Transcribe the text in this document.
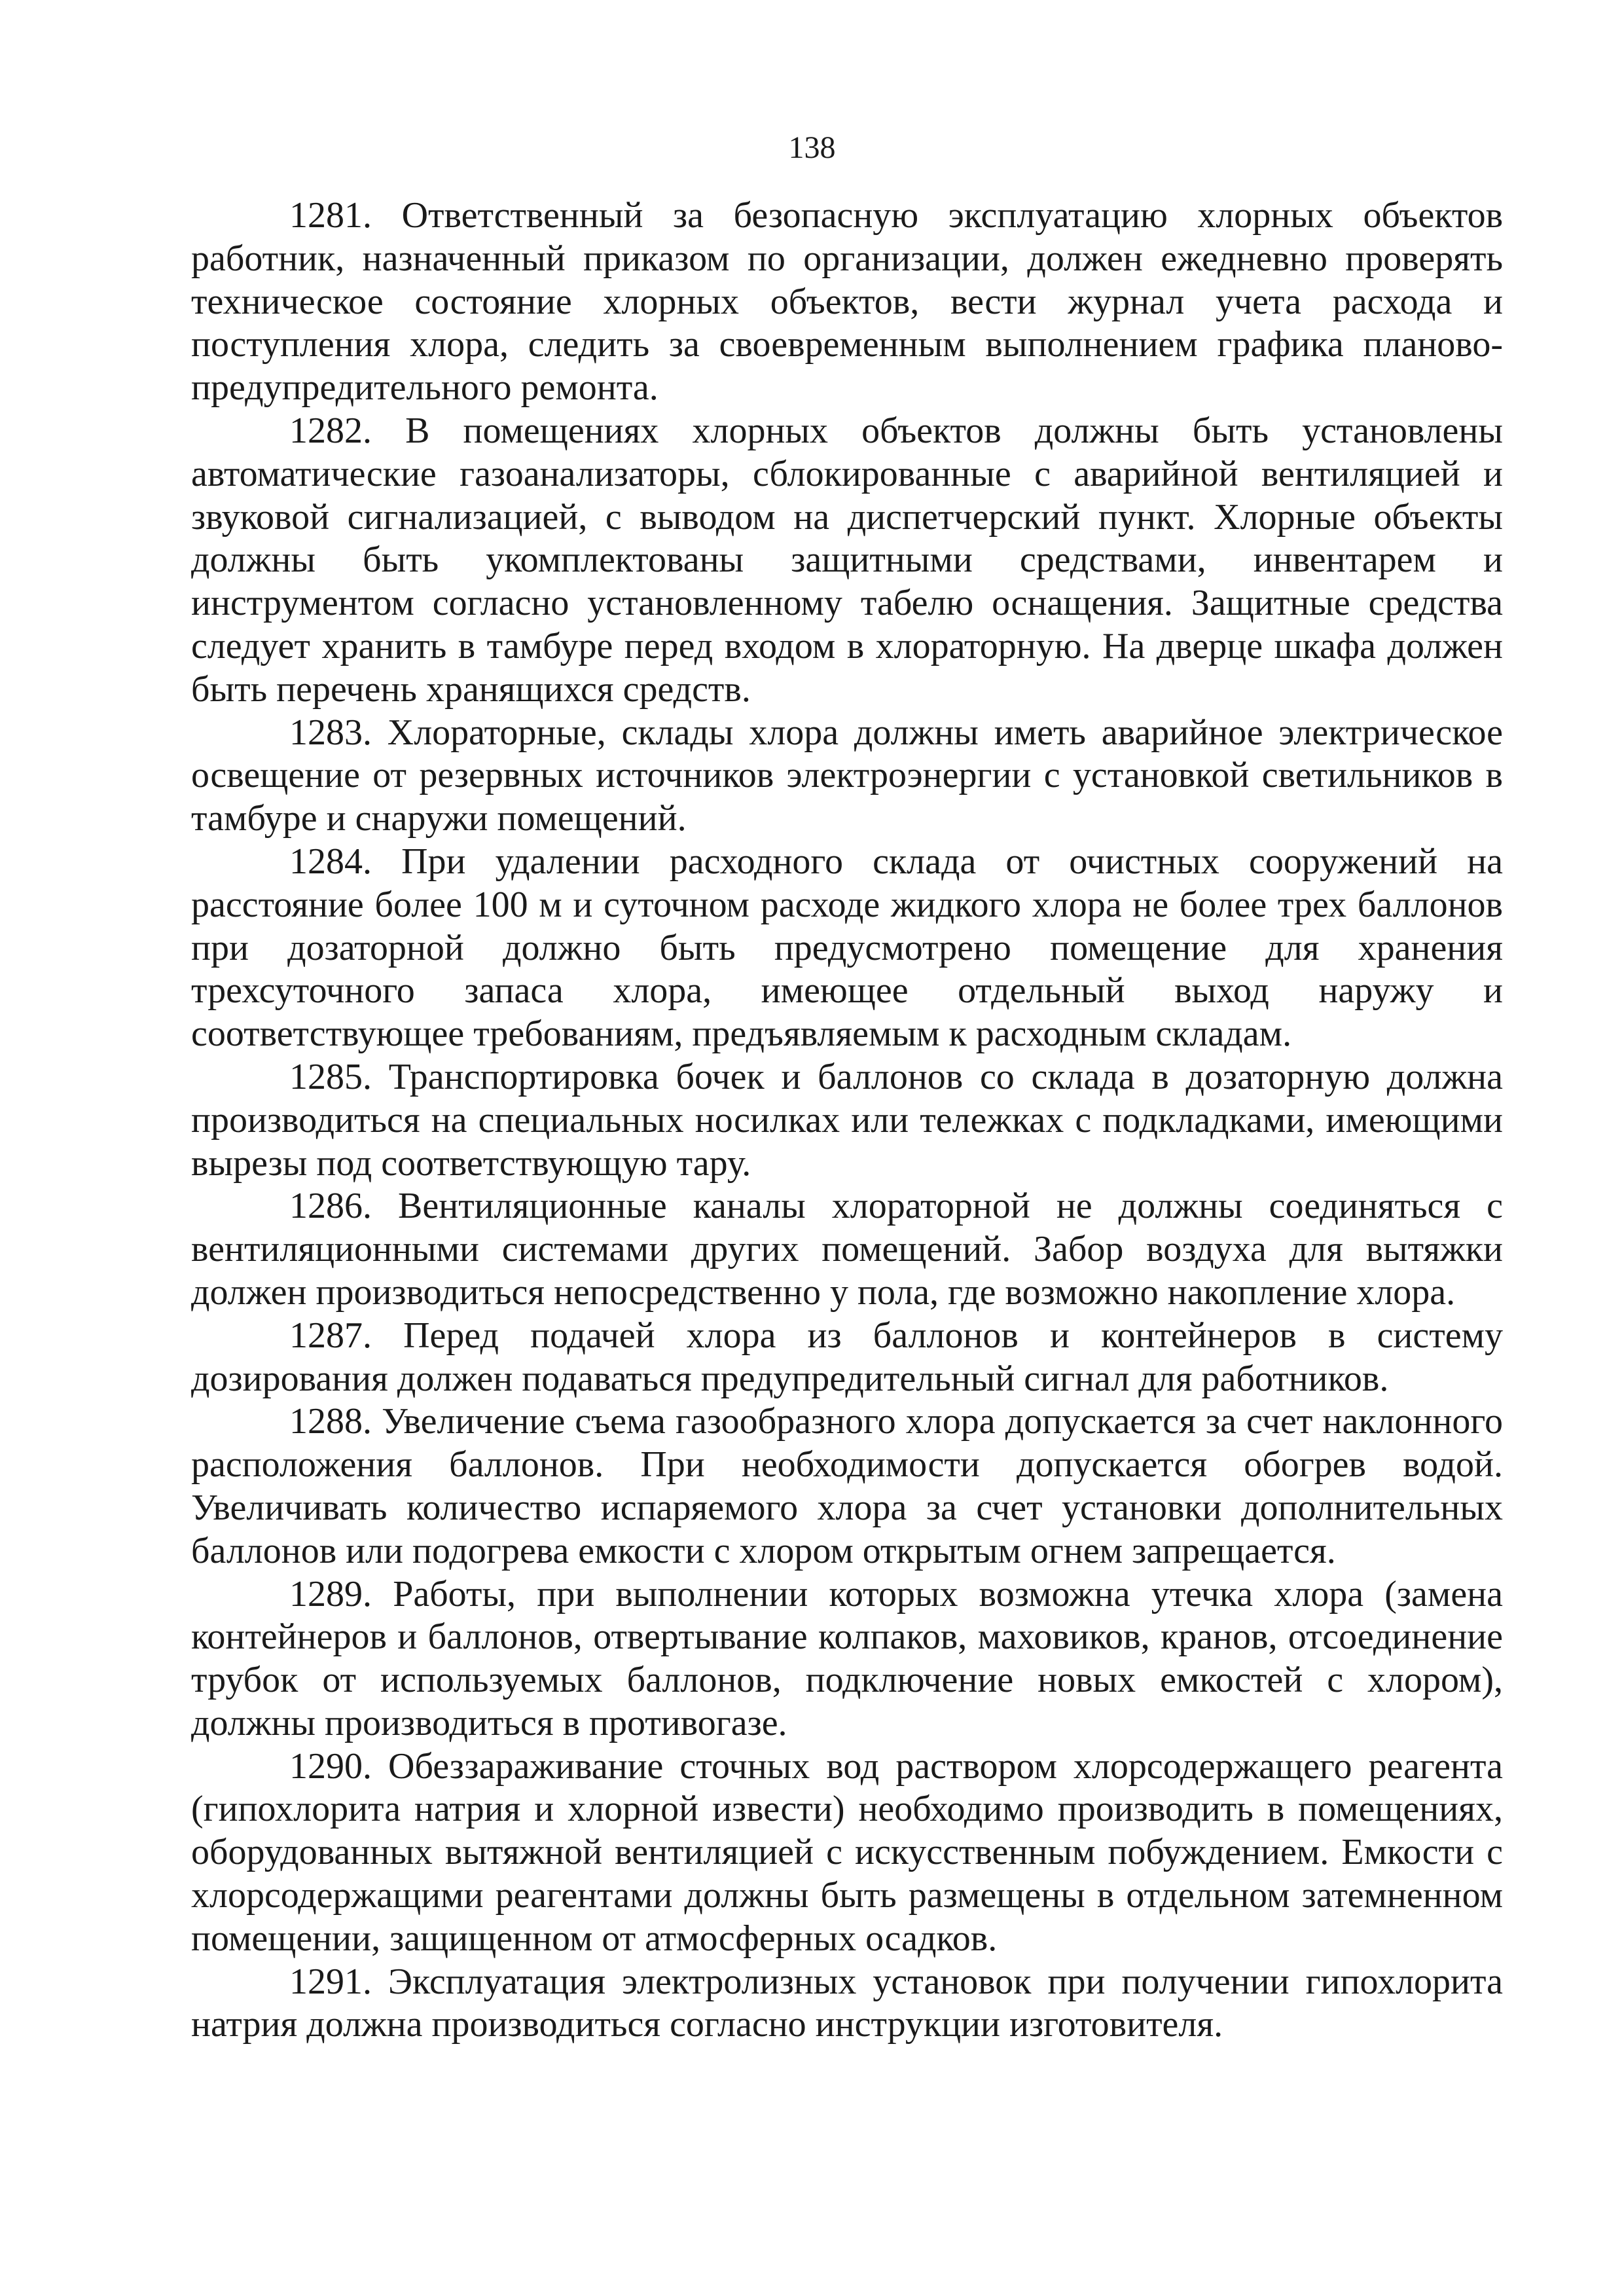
138

1281. Ответственный за безопасную эксплуатацию хлорных объектов работник, назначенный приказом по организации, должен ежедневно проверять техническое состояние хлорных объектов, вести журнал учета расхода и поступления хлора, следить за своевременным выполнением графика планово-предупредительного ремонта.

1282. В помещениях хлорных объектов должны быть установлены автоматические газоанализаторы, сблокированные с аварийной вентиляцией и звуковой сигнализацией, с выводом на диспетчерский пункт. Хлорные объекты должны быть укомплектованы защитными средствами, инвентарем и инструментом согласно установленному табелю оснащения. Защитные средства следует хранить в тамбуре перед входом в хлораторную. На дверце шкафа должен быть перечень хранящихся средств.

1283. Хлораторные, склады хлора должны иметь аварийное электрическое освещение от резервных источников электроэнергии с установкой светильников в тамбуре и снаружи помещений.

1284. При удалении расходного склада от очистных сооружений на расстояние более 100 м и суточном расходе жидкого хлора не более трех баллонов при дозаторной должно быть предусмотрено помещение для хранения трехсуточного запаса хлора, имеющее отдельный выход наружу и соответствующее требованиям, предъявляемым к расходным складам.

1285. Транспортировка бочек и баллонов со склада в дозаторную должна производиться на специальных носилках или тележках с подкладками, имеющими вырезы под соответствующую тару.

1286. Вентиляционные каналы хлораторной не должны соединяться с вентиляционными системами других помещений. Забор воздуха для вытяжки должен производиться непосредственно у пола, где возможно накопление хлора.

1287. Перед подачей хлора из баллонов и контейнеров в систему дозирования должен подаваться предупредительный сигнал для работников.

1288. Увеличение съема газообразного хлора допускается за счет наклонного расположения баллонов. При необходимости допускается обогрев водой. Увеличивать количество испаряемого хлора за счет установки дополнительных баллонов или подогрева емкости с хлором открытым огнем запрещается.

1289. Работы, при выполнении которых возможна утечка хлора (замена контейнеров и баллонов, отвертывание колпаков, маховиков, кранов, отсоединение трубок от используемых баллонов, подключение новых емкостей с хлором), должны производиться в противогазе.

1290. Обеззараживание сточных вод раствором хлорсодержащего реагента (гипохлорита натрия и хлорной извести) необходимо производить в помещениях, оборудованных вытяжной вентиляцией с искусственным побуждением. Емкости с хлорсодержащими реагентами должны быть размещены в отдельном затемненном помещении, защищенном от атмосферных осадков.

1291. Эксплуатация электролизных установок при получении гипохлорита натрия должна производиться согласно инструкции изготовителя.
